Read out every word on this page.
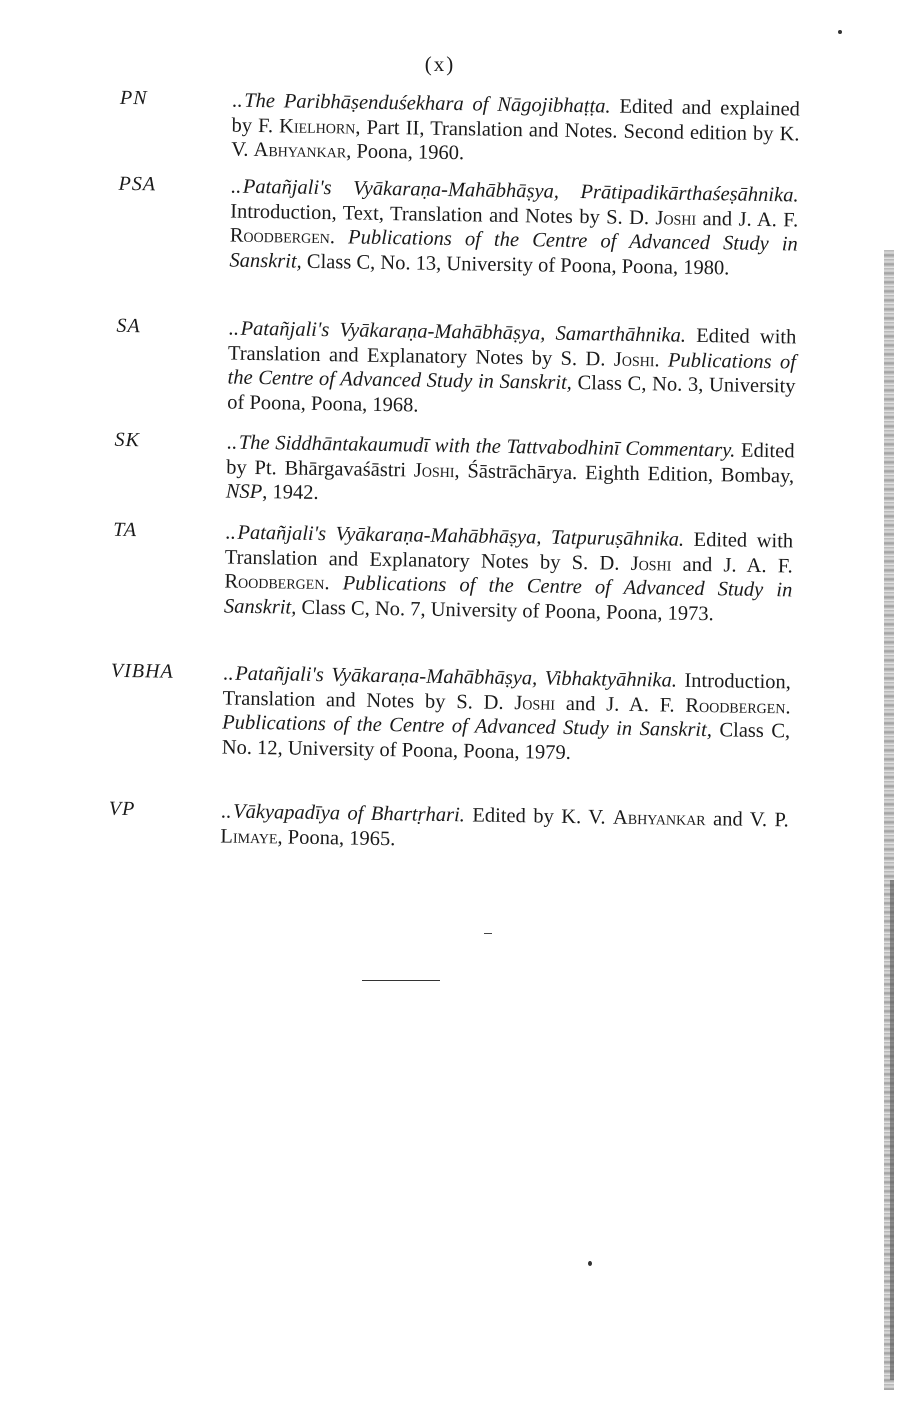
(x)
PN	..The Paribhāṣenduśekhara of Nāgojibhaṭṭa. Edited and explained by F. Kielhorn, Part II, Translation and Notes. Second edition by K. V. Abhyankar, Poona, 1960.
PSA	..Patañjali's Vyākaraṇa-Mahābhāṣya, Prātipadikārthaśeṣāhnika. Introduction, Text, Translation and Notes by S. D. Joshi and J. A. F. Roodbergen. Publications of the Centre of Advanced Study in Sanskrit, Class C, No. 13, University of Poona, Poona, 1980.
SA	..Patañjali's Vyākaraṇa-Mahābhāṣya, Samarthāhnika. Edited with Translation and Explanatory Notes by S. D. Joshi. Publications of the Centre of Advanced Study in Sanskrit, Class C, No. 3, University of Poona, Poona, 1968.
SK	..The Siddhāntakaumudī with the Tattvabodhinī Commentary. Edited by Pt. Bhārgavaśāstri Joshi, Śāstrāchārya. Eighth Edition, Bombay, NSP, 1942.
TA	..Patañjali's Vyākaraṇa-Mahābhāṣya, Tatpuruṣāhnika. Edited with Translation and Explanatory Notes by S. D. Joshi and J. A. F. Roodbergen. Publications of the Centre of Advanced Study in Sanskrit, Class C, No. 7, University of Poona, Poona, 1973.
VIBHA	..Patañjali's Vyākaraṇa-Mahābhāṣya, Vibhaktyāhnika. Introduction, Translation and Notes by S. D. Joshi and J. A. F. Roodbergen. Publications of the Centre of Advanced Study in Sanskrit, Class C, No. 12, University of Poona, Poona, 1979.
VP	..Vākyapadīya of Bhartṛhari. Edited by K. V. Abhyankar and V. P. Limaye, Poona, 1965.
